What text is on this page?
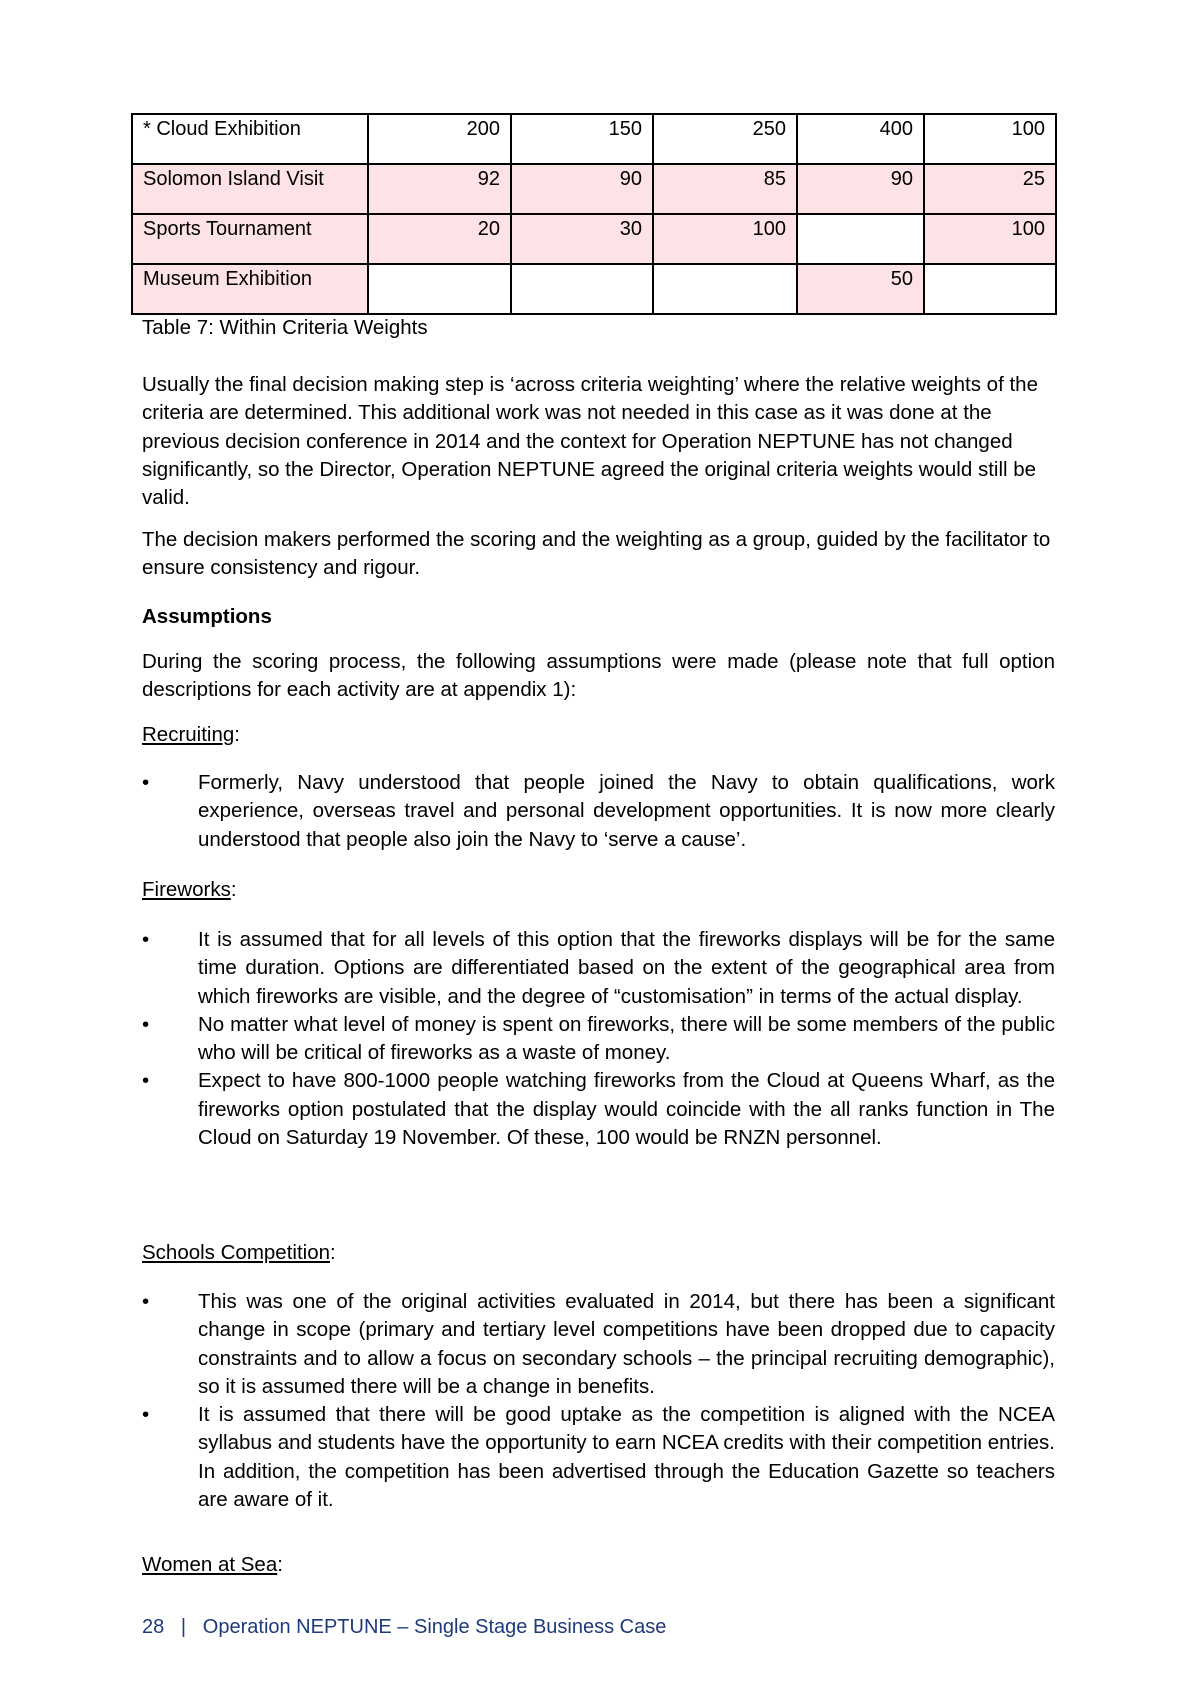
* Cloud Exhibition	200	150	250	400	100
Solomon Island Visit	92	90	85	90	25
Sports Tournament	20	30	100		100
Museum Exhibition				50	
Table 7: Within Criteria Weights

Usually the final decision making step is ‘across criteria weighting’ where the relative weights of the criteria are determined. This additional work was not needed in this case as it was done at the previous decision conference in 2014 and the context for Operation NEPTUNE has not changed significantly, so the Director, Operation NEPTUNE agreed the original criteria weights would still be valid.

The decision makers performed the scoring and the weighting as a group, guided by the facilitator to ensure consistency and rigour.

Assumptions

During the scoring process, the following assumptions were made (please note that full option descriptions for each activity are at appendix 1):

Recruiting:
•	Formerly, Navy understood that people joined the Navy to obtain qualifications, work experience, overseas travel and personal development opportunities. It is now more clearly understood that people also join the Navy to ‘serve a cause’.
Fireworks:
•	It is assumed that for all levels of this option that the fireworks displays will be for the same time duration. Options are differentiated based on the extent of the geographical area from which fireworks are visible, and the degree of “customisation” in terms of the actual display.
•	No matter what level of money is spent on fireworks, there will be some members of the public who will be critical of fireworks as a waste of money.
•	Expect to have 800-1000 people watching fireworks from the Cloud at Queens Wharf, as the fireworks option postulated that the display would coincide with the all ranks function in The Cloud on Saturday 19 November. Of these, 100 would be RNZN personnel.
Schools Competition:
•	This was one of the original activities evaluated in 2014, but there has been a significant change in scope (primary and tertiary level competitions have been dropped due to capacity constraints and to allow a focus on secondary schools – the principal recruiting demographic), so it is assumed there will be a change in benefits.
•	It is assumed that there will be good uptake as the competition is aligned with the NCEA syllabus and students have the opportunity to earn NCEA credits with their competition entries. In addition, the competition has been advertised through the Education Gazette so teachers are aware of it.
Women at Sea:
28 | Operation NEPTUNE – Single Stage Business Case
